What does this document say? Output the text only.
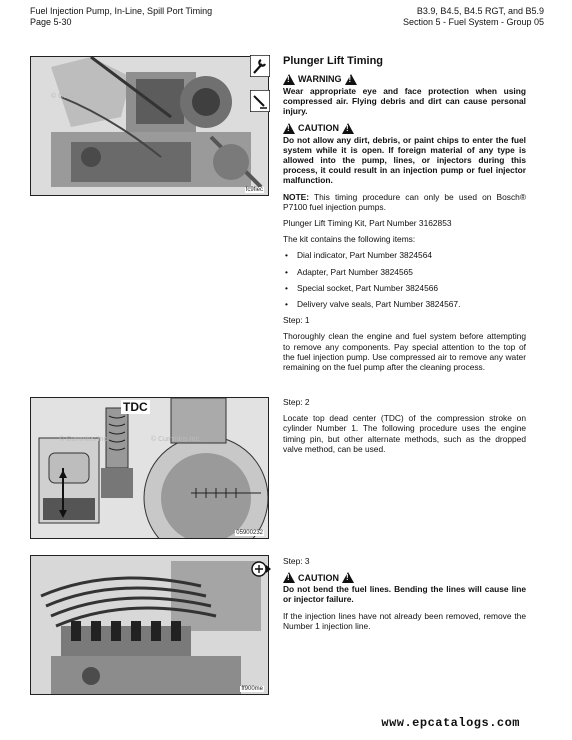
Fuel Injection Pump, In-Line, Spill Port Timing
Page 5-30
B3.9, B4.5, B4.5 RGT, and B5.9
Section 5 - Fuel System - Group 05
© Cummins Inc.
fc9fiec
Plunger Lift Timing
!
WARNING
!

Wear appropriate eye and face protection when using compressed air. Flying debris and dirt can cause personal injury.

!
CAUTION
!

Do not allow any dirt, debris, or paint chips to enter the fuel system while it is open. If foreign material of any type is allowed into the pump, lines, or injectors during this process, it could result in an injection pump or fuel injector malfunction.

NOTE: This timing procedure can only be used on Bosch® P7100 fuel injection pumps.

Plunger Lift Timing Kit, Part Number 3162853

The kit contains the following items:

• Dial indicator, Part Number 3824564
• Adapter, Part Number 3824565
• Special socket, Part Number 3824566
• Delivery valve seals, Part Number 3824567.

Step: 1

Thoroughly clean the engine and fuel system before attempting to remove any components. Pay special attention to the top of the fuel injection pump. Use compressed air to remove any water remaining on the fuel pump after the cleaning process.

TDC
© Cummins Inc.	© Cummins Inc.
05900232

Step: 2

Locate top dead center (TDC) of the compression stroke on cylinder Number 1. The following procedure uses the engine timing pin, but other alternate methods, such as the dropped valve method, can be used.

ff900me

Step: 3

!
CAUTION
!

Do not bend the fuel lines. Bending the lines will cause line or injector failure.

If the injection lines have not already been removed, remove the Number 1 injection line.

www.epcatalogs.com
